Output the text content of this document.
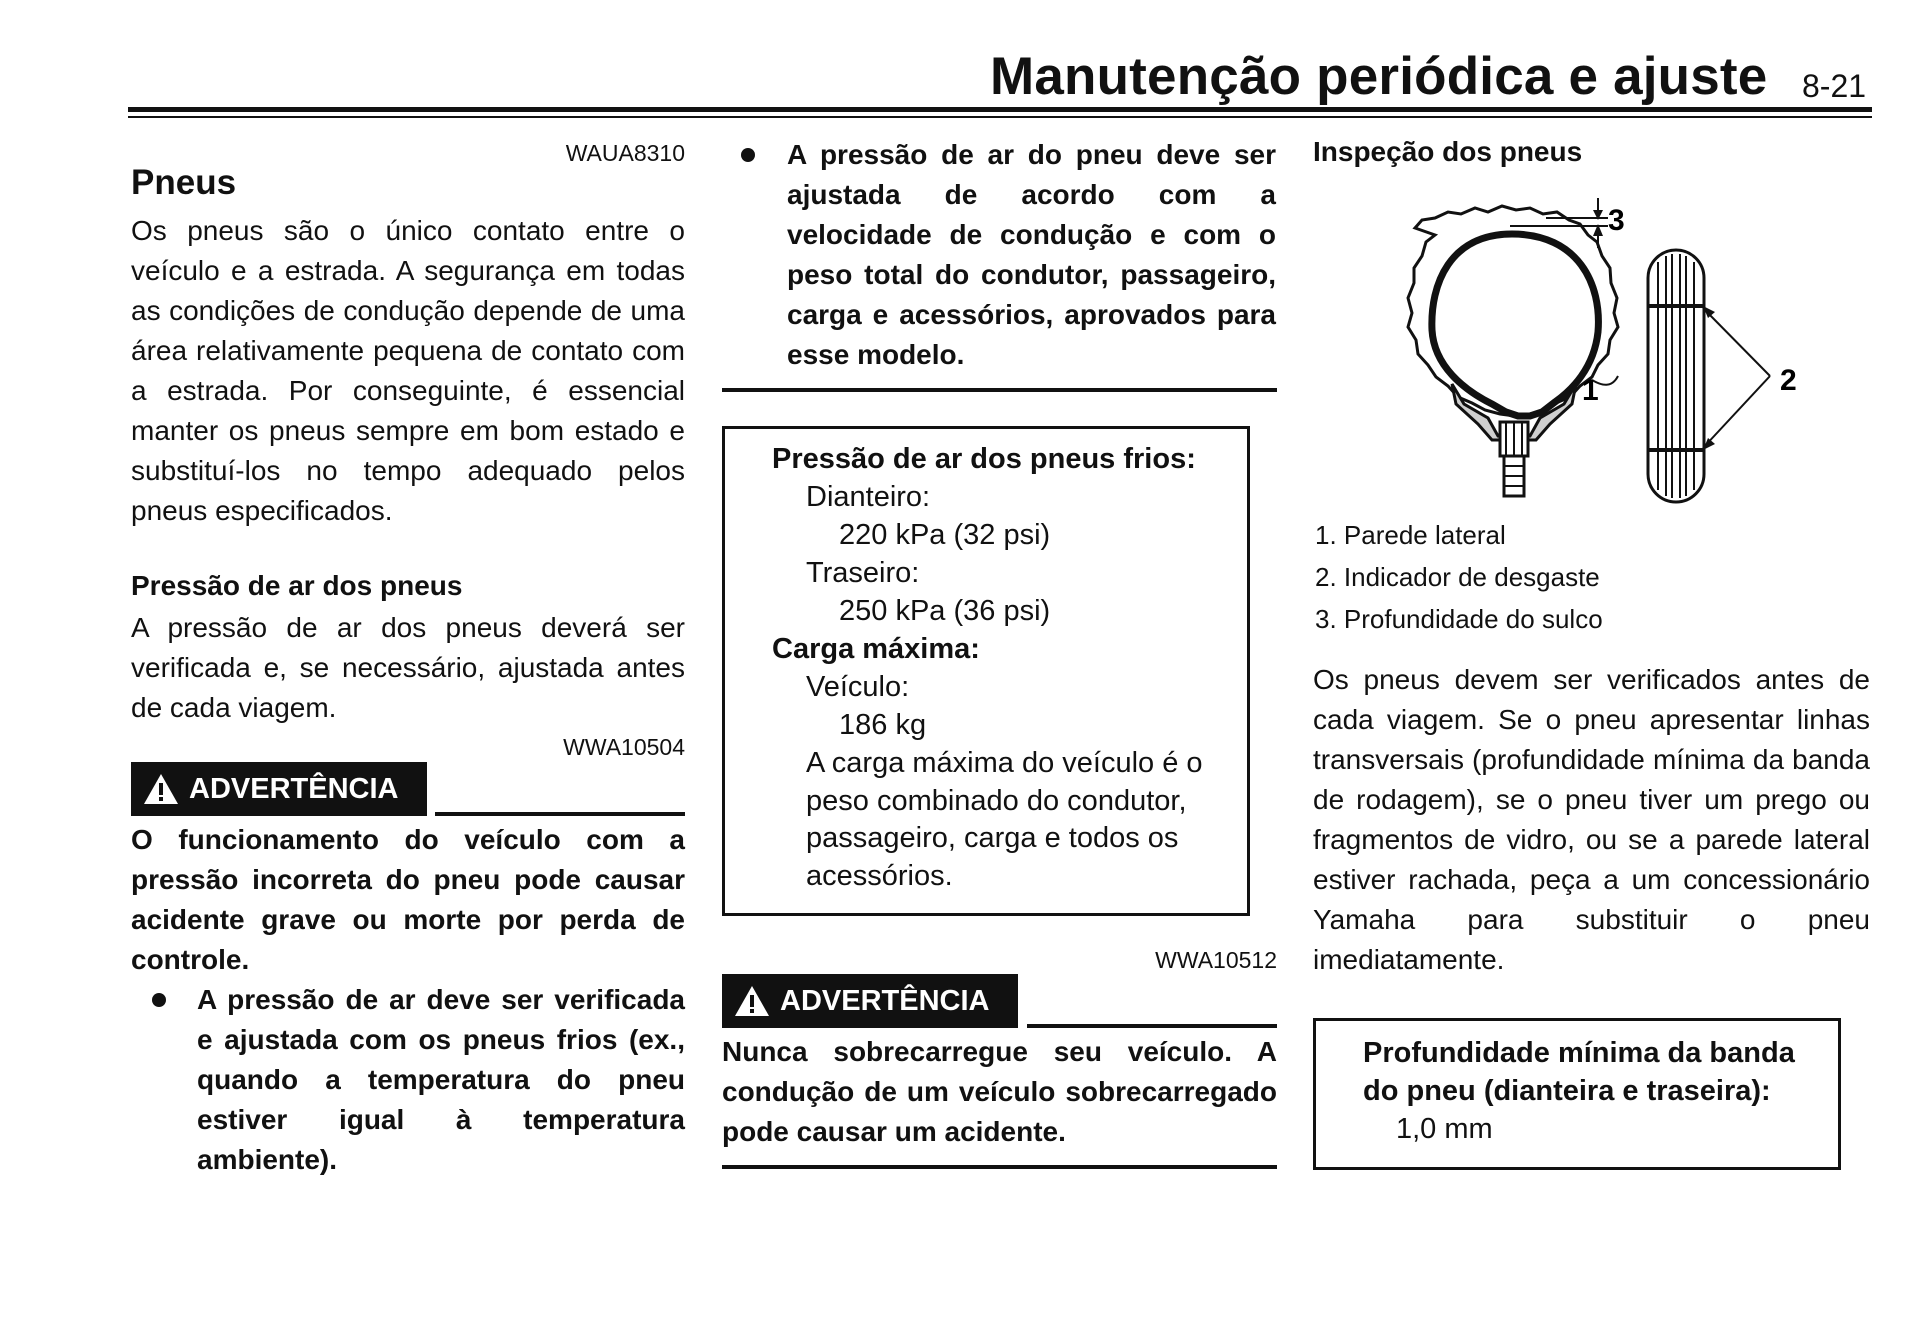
Manutenção periódica e ajuste 8-21
WAUA8310
Pneus
Os pneus são o único contato entre o veículo e a estrada. A segurança em todas as condições de condução depende de uma área relativamente pequena de contato com a estrada. Por conseguinte, é essencial manter os pneus sempre em bom estado e substituí-los no tempo adequado pelos pneus especificados.
Pressão de ar dos pneus
A pressão de ar dos pneus deverá ser verificada e, se necessário, ajustada antes de cada viagem.
WWA10504
ADVERTÊNCIA
O funcionamento do veículo com a pressão incorreta do pneu pode causar acidente grave ou morte por perda de controle.
A pressão de ar deve ser verificada e ajustada com os pneus frios (ex., quando a temperatura do pneu estiver igual à temperatura ambiente).
A pressão de ar do pneu deve ser ajustada de acordo com a velocidade de condução e com o peso total do condutor, passageiro, carga e acessórios, aprovados para esse modelo.
Pressão de ar dos pneus frios:
Dianteiro:
220 kPa (32 psi)
Traseiro:
250 kPa (36 psi)
Carga máxima:
Veículo:
186 kg
A carga máxima do veículo é o peso combinado do condutor, passageiro, carga e todos os acessórios.
WWA10512
ADVERTÊNCIA
Nunca sobrecarregue seu veículo. A condução de um veículo sobrecarregado pode causar um acidente.
Inspeção dos pneus
3
1	2
1. Parede lateral
2. Indicador de desgaste
3. Profundidade do sulco
Os pneus devem ser verificados antes de cada viagem. Se o pneu apresentar linhas transversais (profundidade mínima da banda de rodagem), se o pneu tiver um prego ou fragmentos de vidro, ou se a parede lateral estiver rachada, peça a um concessionário Yamaha para substituir o pneu imediatamente.
Profundidade mínima da banda do pneu (dianteira e traseira):
1,0 mm
